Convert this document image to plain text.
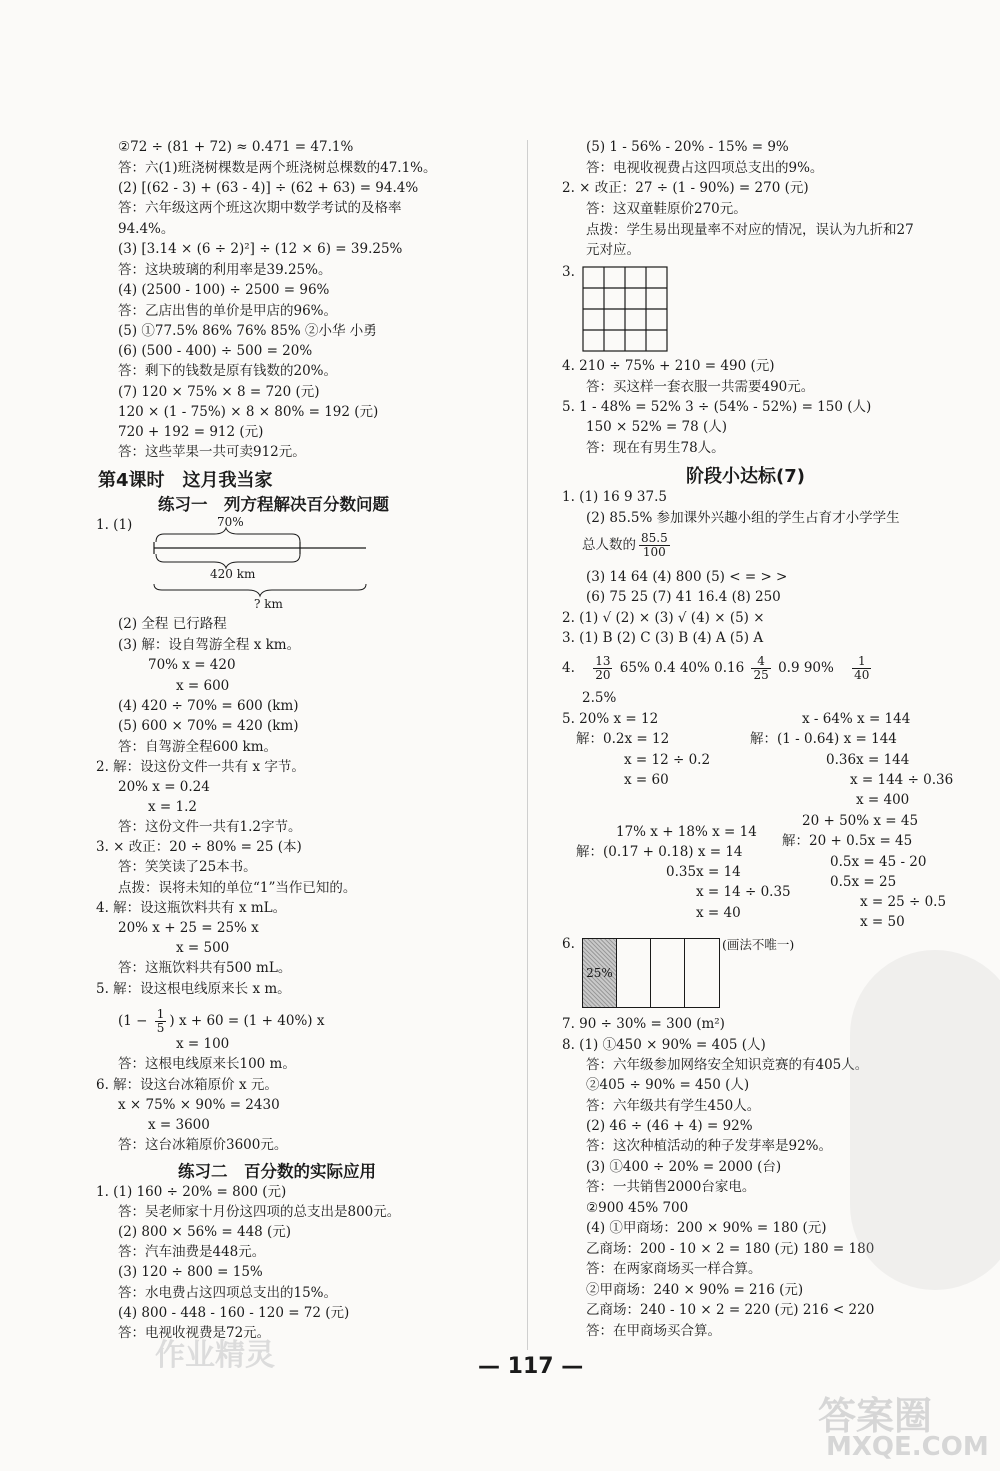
②72 ÷ (81 + 72) ≈ 0.471 = 47.1%
答：六(1)班浇树棵数是两个班浇树总棵数的47.1%。
(2) [(62 - 3) + (63 - 4)] ÷ (62 + 63) = 94.4%
答：六年级这两个班这次期中数学考试的及格率
94.4%。
(3) [3.14 × (6 ÷ 2)²] ÷ (12 × 6) = 39.25%
答：这块玻璃的利用率是39.25%。
(4) (2500 - 100) ÷ 2500 = 96%
答：乙店出售的单价是甲店的96%。
(5) ①77.5% 86% 76% 85% ②小华 小勇
(6) (500 - 400) ÷ 500 = 20%
答：剩下的钱数是原有钱数的20%。
(7) 120 × 75% × 8 = 720 (元)
120 × (1 - 75%) × 8 × 80% = 192 (元)
720 + 192 = 912 (元)
答：这些苹果一共可卖912元。
第4课时　这月我当家
练习一　列方程解决百分数问题
1. (1)	70%
420 km
? km
(2) 全程 已行路程
(3) 解：设自驾游全程 x km。
70% x = 420
x = 600
(4) 420 ÷ 70% = 600 (km)
(5) 600 × 70% = 420 (km)
答：自驾游全程600 km。
2. 解：设这份文件一共有 x 字节。
20% x = 0.24
x = 1.2
答：这份文件一共有1.2字节。
3. × 改正：20 ÷ 80% = 25 (本)
答：笑笑读了25本书。
点拨：误将未知的单位“1”当作已知的。
4. 解：设这瓶饮料共有 x mL。
20% x + 25 = 25% x
x = 500
答：这瓶饮料共有500 mL。
5. 解：设这根电线原来长 x m。
($1 - \frac{1}{5}$ ) x + 60 = (1 + 40%) x
x = 100
答：这根电线原来长100 m。
6. 解：设这台冰箱原价 x 元。
x × 75% × 90% = 2430
x = 3600
答：这台冰箱原价3600元。
练习二　百分数的实际应用
1. (1) 160 ÷ 20% = 800 (元)
答：吴老师家十月份这四项的总支出是800元。
(2) 800 × 56% = 448 (元)
答：汽车油费是448元。
(3) 120 ÷ 800 = 15%
答：水电费占这四项总支出的15%。
(4) 800 - 448 - 160 - 120 = 72 (元)
答：电视收视费是72元。
(5) 1 - 56% - 20% - 15% = 9%
答：电视收视费占这四项总支出的9%。
2. × 改正：27 ÷ (1 - 90%) = 270 (元)
答：这双童鞋原价270元。
点拨：学生易出现量率不对应的情况，误认为九折和27
元对应。
3.
4. 210 ÷ 75% + 210 = 490 (元)
答：买这样一套衣服一共需要490元。
5. 1 - 48% = 52% 3 ÷ (54% - 52%) = 150 (人)
150 × 52% = 78 (人)
答：现在有男生78人。
阶段小达标(7)
1. (1) 16 9 37.5
(2) 85.5% 参加课外兴趣小组的学生占育才小学学生
总人数的 $\frac{85.5}{100}$
(3) 14 64 (4) 800 (5) < = > >
(6) 75 25 (7) 41 16.4 (8) 250
2. (1) √ (2) × (3) √ (4) × (5) ×
3. (1) B (2) C (3) B (4) A (5) A
4. $\frac{13}{20} 65\%$ 0.4 40% $0.16 \frac{4}{25} 0.9$ $90\% \frac{1}{40}$
2.5%
5. 20% x = 12
解：0.2x = 12
x = 12 ÷ 0.2
x = 60
x - 64% x = 144
解：(1 - 0.64) x = 144
0.36x = 144
x = 144 ÷ 0.36
x = 400
17% x + 18% x = 14
解：(0.17 + 0.18) x = 14
0.35x = 14
x = 14 ÷ 0.35
x = 40
20 + 50% x = 45
解：20 + 0.5x = 45
0.5x = 45 - 20
0.5x = 25
x = 25 ÷ 0.5
x = 50
6.
25%
(画法不唯一)
7. 90 ÷ 30% = 300 (m²)
8. (1) ①450 × 90% = 405 (人)
答：六年级参加网络安全知识竞赛的有405人。
②405 ÷ 90% = 450 (人)
答：六年级共有学生450人。
(2) 46 ÷ (46 + 4) = 92%
答：这次种植活动的种子发芽率是92%。
(3) ①400 ÷ 20% = 2000 (台)
答：一共销售2000台家电。
②900 45% 700
(4) ①甲商场：200 × 90% = 180 (元)
乙商场：200 - 10 × 2 = 180 (元) 180 = 180
答：在两家商场买一样合算。
②甲商场：240 × 90% = 216 (元)
乙商场：240 - 10 × 2 = 220 (元) 216 < 220
答：在甲商场买合算。
作业精灵
答案圈
MXQE.COM
— 117 —
